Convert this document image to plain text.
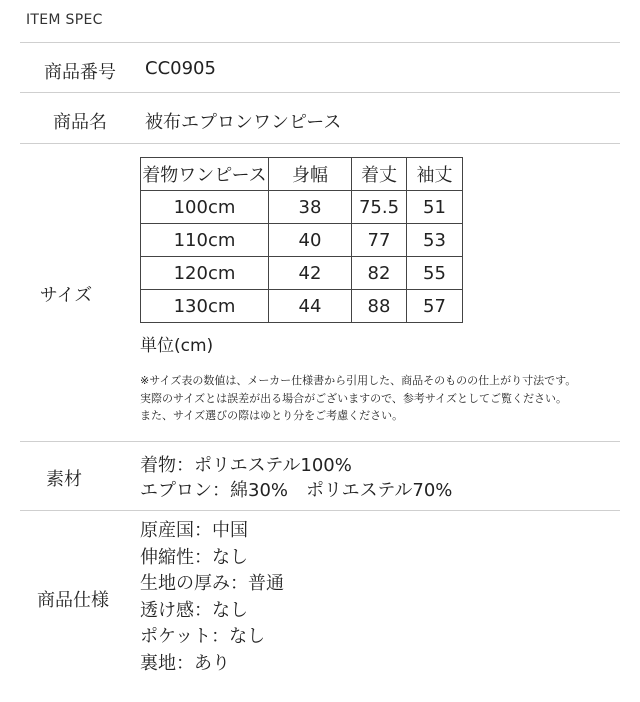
ITEM SPEC
商品番号	CC0905
商品名	被布エプロンワンピース
サイズ
着物ワンピース	身幅	着丈	袖丈
100cm	38	75.5	51
110cm	40	77	53
120cm	42	82	55
130cm	44	88	57
単位(cm)
※サイズ表の数値は、メーカー仕様書から引用した、商品そのものの仕上がり寸法です。
実際のサイズとは誤差が出る場合がございますので、参考サイズとしてご覧ください。
また、サイズ選びの際はゆとり分をご考慮ください。
素材
着物：ポリエステル100%
エプロン：綿30%　ポリエステル70%
商品仕様
原産国：中国
伸縮性：なし
生地の厚み：普通
透け感：なし
ポケット：なし
裏地：あり
